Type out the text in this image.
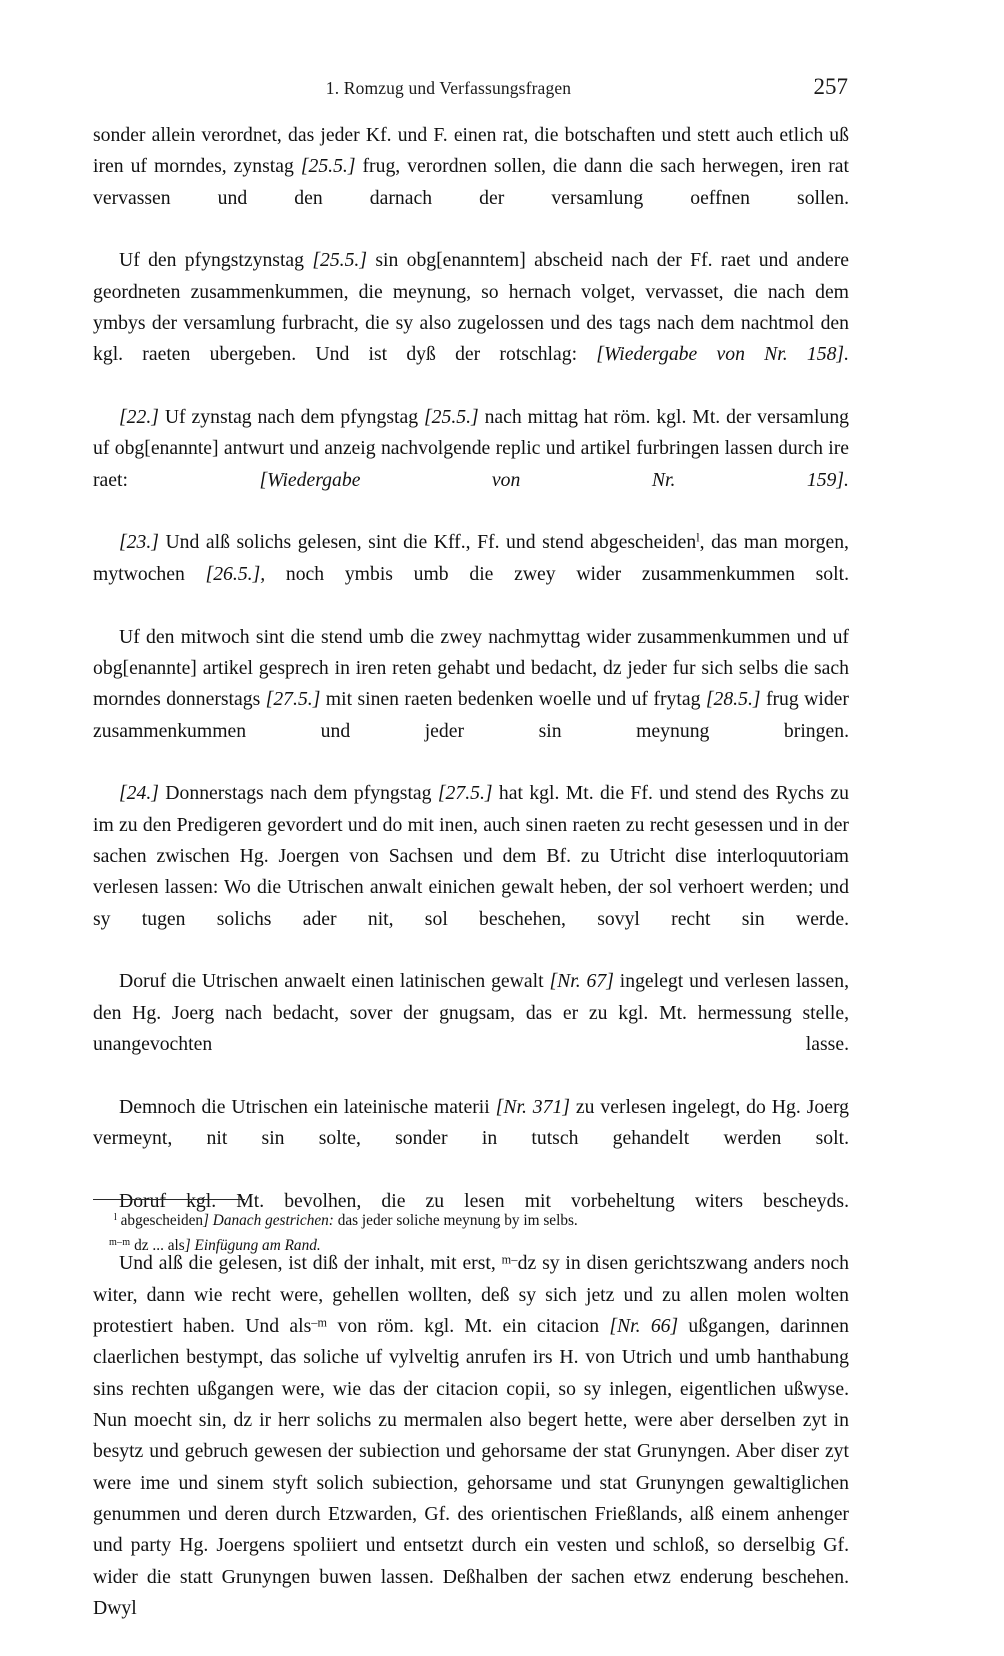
1. Romzug und Verfassungsfragen	257

sonder allein verordnet, das jeder Kf. und F. einen rat, die botschaften und stett auch etlich uß iren uf morndes, zynstag [25.5.] frug, verordnen sollen, die dann die sach herwegen, iren rat vervassen und den darnach der versamlung oeffnen sollen.

Uf den pfyngstzynstag [25.5.] sin obg[enanntem] abscheid nach der Ff. raet und andere geordneten zusammenkummen, die meynung, so hernach volget, vervasset, die nach dem ymbys der versamlung furbracht, die sy also zugelossen und des tags nach dem nachtmol den kgl. raeten ubergeben. Und ist dyß der rotschlag: [Wiedergabe von Nr. 158].

[22.] Uf zynstag nach dem pfyngstag [25.5.] nach mittag hat röm. kgl. Mt. der versamlung uf obg[enannte] antwurt und anzeig nachvolgende replic und artikel furbringen lassen durch ire raet: [Wiedergabe von Nr. 159].

[23.] Und alß solichs gelesen, sint die Kff., Ff. und stend abgescheiden$^l$, das man morgen, mytwochen [26.5.], noch ymbis umb die zwey wider zusammenkummen solt.

Uf den mitwoch sint die stend umb die zwey nachmyttag wider zusammenkummen und uf obg[enannte] artikel gesprech in iren reten gehabt und bedacht, dz jeder fur sich selbs die sach morndes donnerstags [27.5.] mit sinen raeten bedenken woelle und uf frytag [28.5.] frug wider zusammenkummen und jeder sin meynung bringen.

[24.] Donnerstags nach dem pfyngstag [27.5.] hat kgl. Mt. die Ff. und stend des Rychs zu im zu den Predigeren gevordert und do mit inen, auch sinen raeten zu recht gesessen und in der sachen zwischen Hg. Joergen von Sachsen und dem Bf. zu Utricht dise interloquutoriam verlesen lassen: Wo die Utrischen anwalt einichen gewalt heben, der sol verhoert werden; und sy tugen solichs ader nit, sol beschehen, sovyl recht sin werde.

Doruf die Utrischen anwaelt einen latinischen gewalt [Nr. 67] ingelegt und verlesen lassen, den Hg. Joerg nach bedacht, sover der gnugsam, das er zu kgl. Mt. hermessung stelle, unangevochten lasse.

Demnoch die Utrischen ein lateinische materii [Nr. 371] zu verlesen ingelegt, do Hg. Joerg vermeynt, nit sin solte, sonder in tutsch gehandelt werden solt.

Doruf kgl. Mt. bevolhen, die zu lesen mit vorbeheltung witers bescheyds.

Und alß die gelesen, ist diß der inhalt, mit erst, $^{m-}$dz sy in disen gerichtszwang anders noch witer, dann wie recht were, gehellen wollten, deß sy sich jetz und zu allen molen wolten protestiert haben. Und als$^{-m}$ von röm. kgl. Mt. ein citacion [Nr. 66] ußgangen, darinnen claerlichen bestympt, das soliche uf vylveltig anrufen irs H. von Utrich und umb hanthabung sins rechten ußgangen were, wie das der citacion copii, so sy inlegen, eigentlichen ußwyse. Nun moecht sin, dz ir herr solichs zu mermalen also begert hette, were aber derselben zyt in besytz und gebruch gewesen der subiection und gehorsame der stat Grunyngen. Aber diser zyt were ime und sinem styft solich subiection, gehorsame und stat Grunyngen gewaltiglichen genummen und deren durch Etzwarden, Gf. des orientischen Frießlands, alß einem anhenger und party Hg. Joergens spoliiert und entsetzt durch ein vesten und schloß, so derselbig Gf. wider die statt Grunyngen buwen lassen. Deßhalben der sachen etwz enderung beschehen. Dwyl

$^l$ abgescheiden] Danach gestrichen: das jeder soliche meynung by im selbs.

$^{m-m}$ dz ... als] Einfügung am Rand.
